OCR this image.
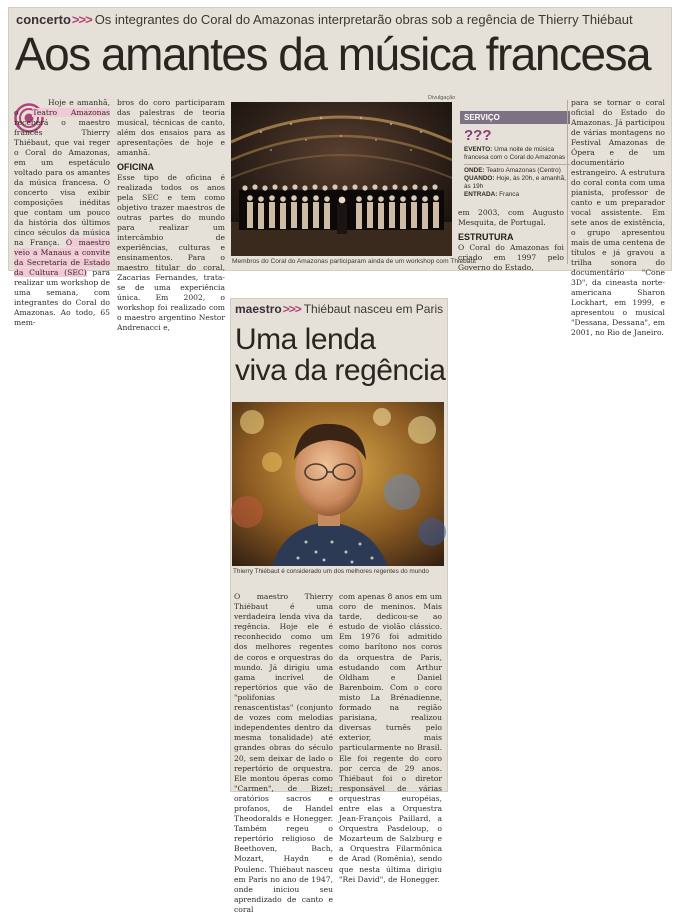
concerto>>> Os integrantes do Coral do Amazonas interpretarão obras sob a regência de Thierry Thiébaut
Aos amantes da música francesa

Hoje e amanhã, o Teatro Amazonas receberá o maestro francês Thierry Thiébaut, que vai reger o Coral do Amazonas, em um espetáculo voltado para os amantes da música francesa. O concerto visa exibir composições inéditas que contam um pouco da história dos últimos cinco séculos da música na França. O maestro veio a Manaus a convite da Secretaria de Estado da Cultura (SEC) para realizar um workshop de uma semana, com integrantes do Coral do Amazonas. Ao todo, 65 mem-

bros do coro participaram das palestras de teoria musical, técnicas de canto, além dos ensaios para as apresentações de hoje e amanhã.

OFICINA

Esse tipo de oficina é realizada todos os anos pela SEC e tem como objetivo trazer maestros de outras partes do mundo para realizar um intercâmbio de experiências, culturas e ensinamentos. Para o maestro titular do coral, Zacarias Fernandes, trata-se de uma experiência única. Em 2002, o workshop foi realizado com o maestro argentino Nestor Andrenacci e,

Divulgação
Membros do Coral do Amazonas participaram ainda de um workshop com Thiébaut
SERVIÇO
???
EVENTO: Uma noite de música francesa com o Coral do Amazonas
ONDE: Teatro Amazonas (Centro)
QUANDO: Hoje, às 20h, e amanhã, às 19h
ENTRADA: Franca

em 2003, com Augusto Mesquita, de Portugal.

ESTRUTURA

O Coral do Amazonas foi criado em 1997 pelo Governo do Estado,

para se tornar o coral oficial do Estado do Amazonas. Já participou de várias montagens no Festival Amazonas de Ópera e de um documentário estrangeiro. A estrutura do coral conta com uma pianista, professor de canto e um preparador vocal assistente. Em sete anos de existência, o grupo apresentou mais de uma centena de títulos e já gravou a trilha sonora do documentário "Cone 3D", da cineasta norte-americana Sharon Lockhart, em 1999, e apresentou o musical "Dessana, Dessana", em 2001, no Rio de Janeiro.

maestro>>> Thiébaut nasceu em Paris
Uma lenda
viva da regência
Thierry Thiébaut é considerado um dos melhores regentes do mundo

O maestro Thierry Thiébaut é uma verdadeira lenda viva da regência. Hoje ele é reconhecido como um dos melhores regentes de coros e orquestras do mundo. Já dirigiu uma gama incrível de repertórios que vão de "polifonias renascentistas" (conjunto de vozes com melodias independentes dentro da mesma tonalidade) até grandes obras do século 20, sem deixar de lado o repertório de orquestra. Ele montou óperas como "Carmen", de Bizet; oratórios sacros e profanos, de Handel Theodoralds e Honegger. Também regeu o repertório religioso de Beethoven, Bach, Mozart, Haydn e Poulenc. Thiébaut nasceu em Paris no ano de 1947, onde iniciou seu aprendizado de canto e coral

com apenas 8 anos em um coro de meninos. Mais tarde, dedicou-se ao estudo de violão clássico. Em 1976 foi admitido como barítono nos coros da orquestra de Paris, estudando com Arthur Oldham e Daniel Barenboim. Com o coro misto La Brénadienne, formado na região parisiana, realizou diversas turnês pelo exterior, mais particularmente no Brasil. Ele foi regente do coro por cerca de 29 anos. Thiébaut foi o diretor responsável de várias orquestras européias, entre elas a Orquestra Jean-François Paillard, a Orquestra Pasdeloup, o Mozarteum de Salzburg e a Orquestra Filarmônica de Arad (Romênia), sendo que nesta última dirigiu "Rei David", de Honegger.
